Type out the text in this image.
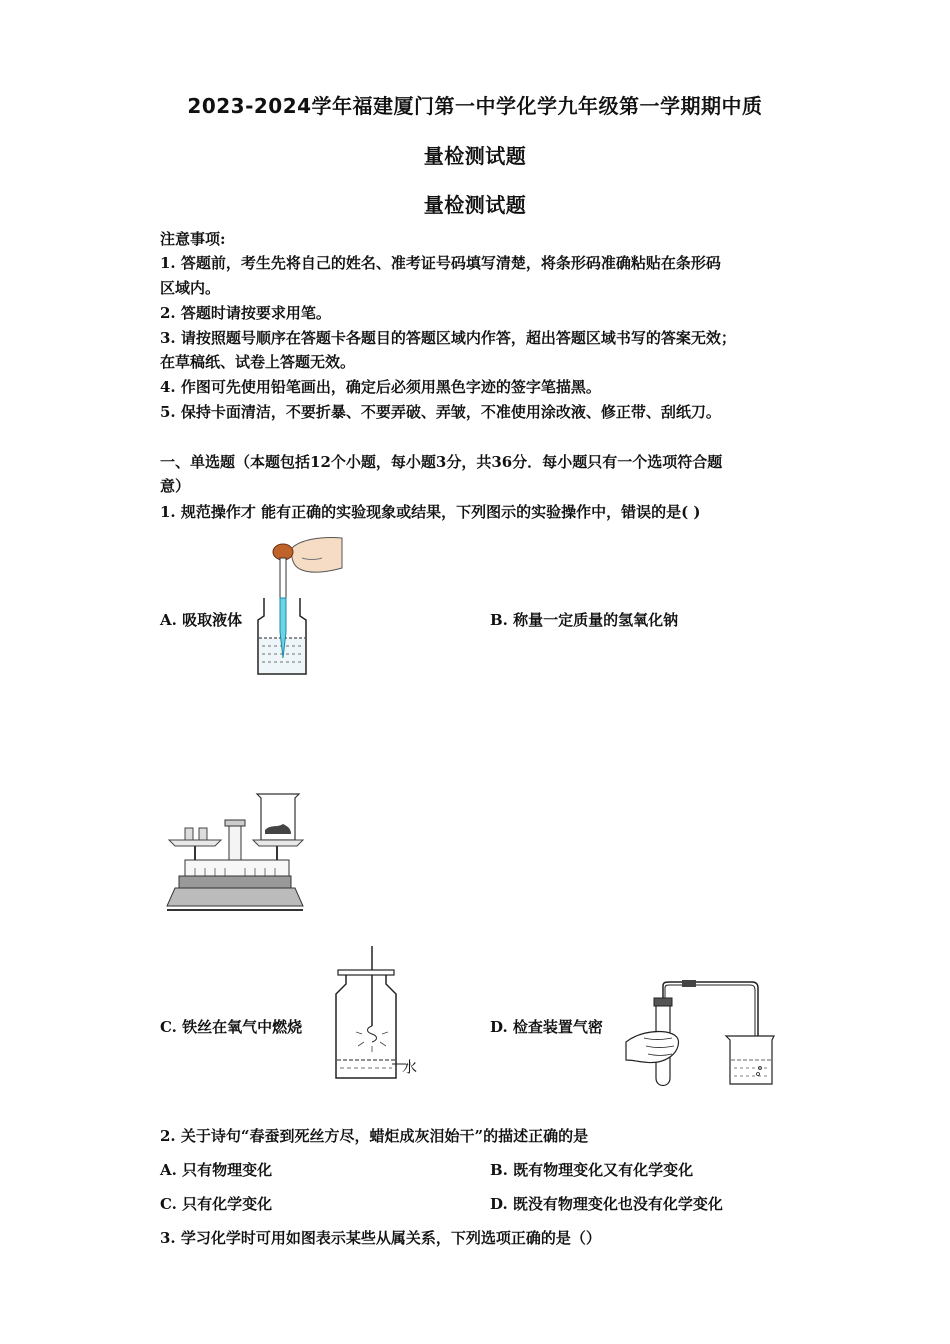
2023-2024学年福建厦门第一中学化学九年级第一学期期中质
量检测试题
量检测试题
注意事项:
1. 答题前，考生先将自己的姓名、准考证号码填写清楚，将条形码准确粘贴在条形码
区域内。
2. 答题时请按要求用笔。
3. 请按照题号顺序在答题卡各题目的答题区域内作答，超出答题区域书写的答案无效；
在草稿纸、试卷上答题无效。
4. 作图可先使用铅笔画出，确定后必须用黑色字迹的签字笔描黑。
5. 保持卡面清洁，不要折暴、不要弄破、弄皱，不准使用涂改液、修正带、刮纸刀。
一、单选题（本题包括12个小题，每小题3分，共36分．每小题只有一个选项符合题
意）
1. 规范操作才 能有正确的实验现象或结果，下列图示的实验操作中，错误的是( )
A. 吸取液体	B. 称量一定质量的氢氧化钠
水
C. 铁丝在氧气中燃烧	D. 检查装置气密
2. 关于诗句“春蚕到死丝方尽，蜡炬成灰泪始干”的描述正确的是
A. 只有物理变化	B. 既有物理变化又有化学变化
C. 只有化学变化	D. 既没有物理变化也没有化学变化
3. 学习化学时可用如图表示某些从属关系，下列选项正确的是（）
